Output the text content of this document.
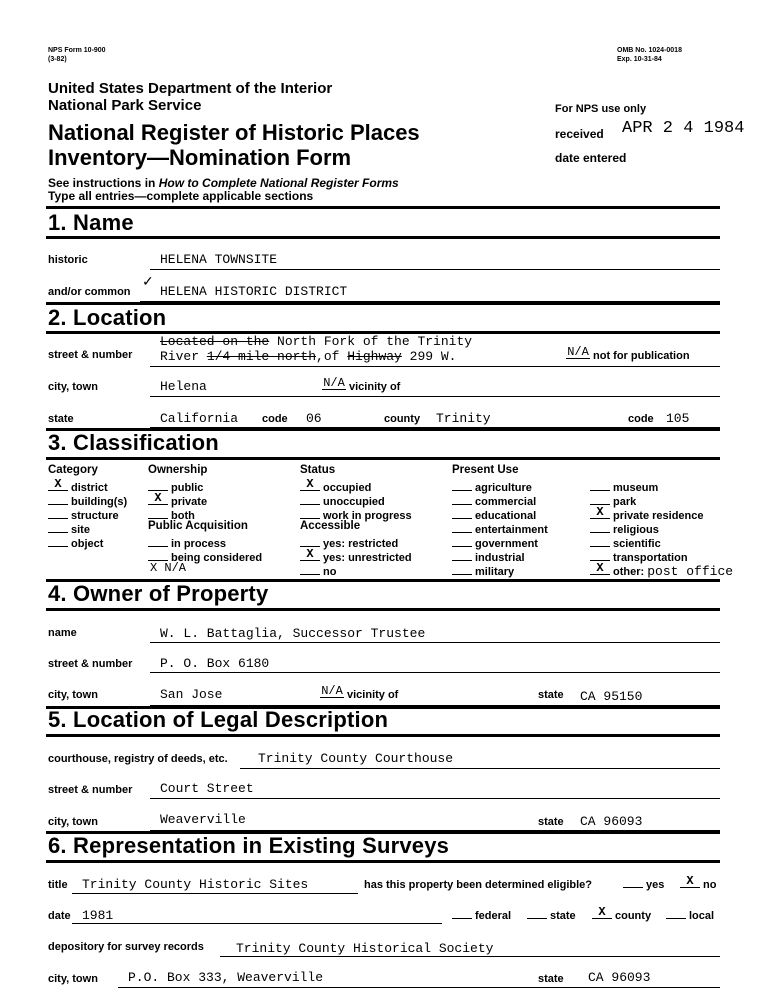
NPS Form 10-900
(3-82)
OMB No. 1024-0018
Exp. 10-31-84
United States Department of the Interior
National Park Service
National Register of Historic Places
Inventory—Nomination Form
See instructions in How to Complete National Register Forms
Type all entries—complete applicable sections
For NPS use only
received APR 2 4 1984
date entered
1. Name
historic	HELENA TOWNSITE
✓
and/or common HELENA HISTORIC DISTRICT
2. Location
Located on the North Fork of the Trinity
street & number River 1/4 mile north,of Highway 299 W.	N/A not for publication
city, town	Helena	N/A vicinity of
state	California code 06	county Trinity	code 105
3. Classification
Category	Ownership	Status	Present Use
X district
building(s)
structure
site
object
public
X private
both
Public Acquisition
in process
being considered
X N/A
X occupied
unoccupied
work in progress
Accessible
yes: restricted
X yes: unrestricted
no
agriculture
commercial
educational
entertainment
government
industrial
military
museum
park
X private residence
religious
scientific
transportation
X other: post office
4. Owner of Property
name	W. L. Battaglia, Successor Trustee
street & number P. O. Box 6180
city, town	San Jose	N/A vicinity of	state CA 95150
5. Location of Legal Description
courthouse, registry of deeds, etc. Trinity County Courthouse
street & number Court Street
city, town	Weaverville	state CA 96093
6. Representation in Existing Surveys
title Trinity County Historic Sites	has this property been determined eligible?	yes	X no
date 1981	federal	state	X county	local
depository for survey records Trinity County Historical Society
city, town P.O. Box 333, Weaverville	state CA 96093
